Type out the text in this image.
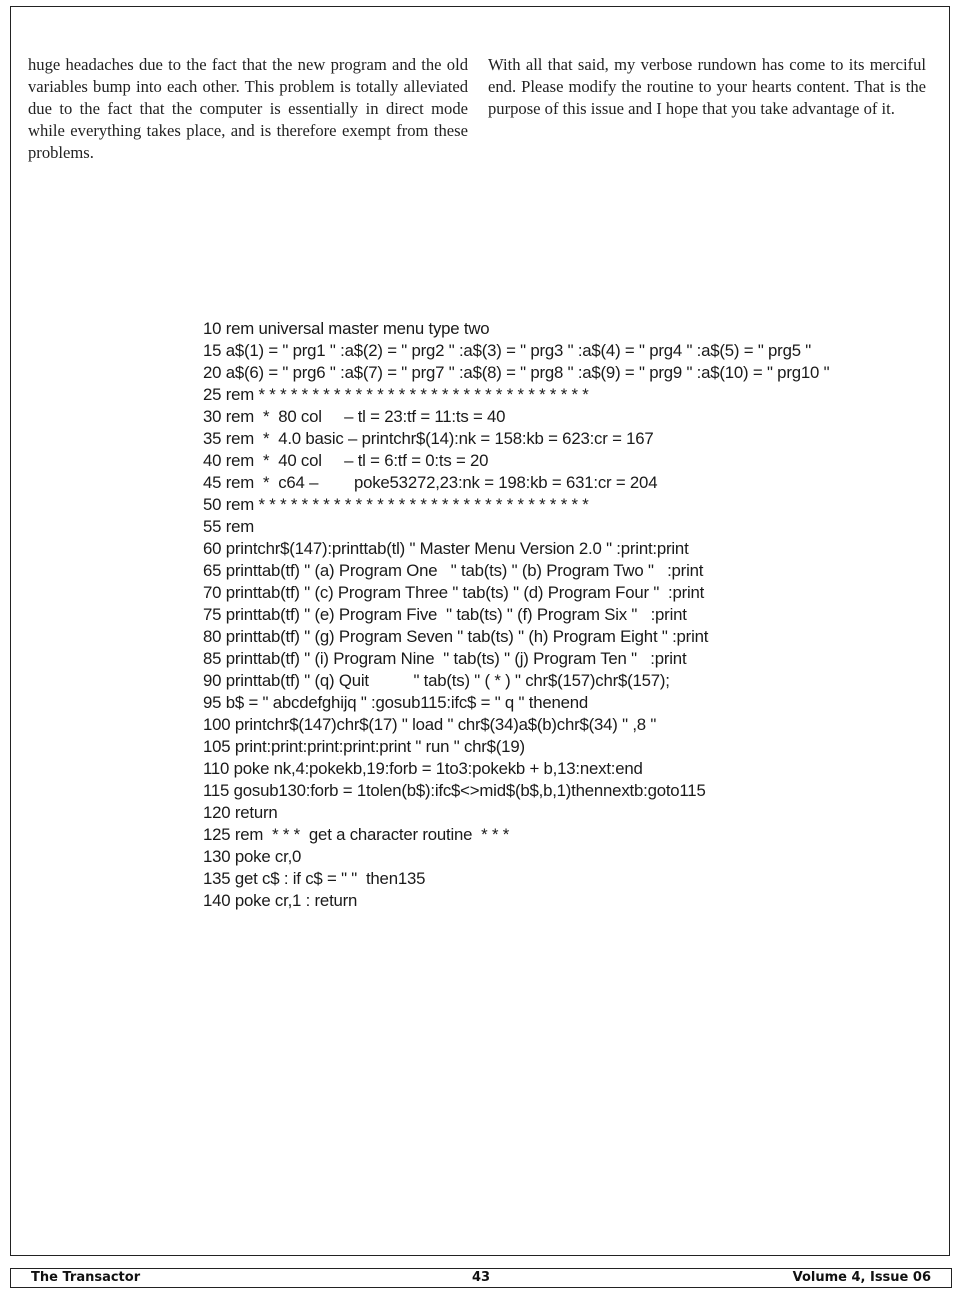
huge headaches due to the fact that the new program and the old variables bump into each other. This problem is totally alleviated due to the fact that the computer is essentially in direct mode while everything takes place, and is therefore exempt from these problems.
With all that said, my verbose rundown has come to its merciful end. Please modify the routine to your hearts content. That is the purpose of this issue and I hope that you take advantage of it.
10 rem universal master menu type two
15 a$(1) = " prg1 " :a$(2) = " prg2 " :a$(3) = " prg3 " :a$(4) = " prg4 " :a$(5) = " prg5 "
20 a$(6) = " prg6 " :a$(7) = " prg7 " :a$(8) = " prg8 " :a$(9) = " prg9 " :a$(10) = " prg10 "
25 rem * * * * * * * * * * * * * * * * * * * * * * * * * * * * * * *
30 rem  *  80 col     – tl = 23:tf = 11:ts = 40
35 rem  *  4.0 basic – printchr$(14):nk = 158:kb = 623:cr = 167
40 rem  *  40 col     – tl = 6:tf = 0:ts = 20
45 rem  *  c64 –        poke53272,23:nk = 198:kb = 631:cr = 204
50 rem * * * * * * * * * * * * * * * * * * * * * * * * * * * * * * *
55 rem
60 printchr$(147):printtab(tl) " Master Menu Version 2.0 " :print:print
65 printtab(tf) " (a) Program One   " tab(ts) " (b) Program Two "   :print
70 printtab(tf) " (c) Program Three " tab(ts) " (d) Program Four "  :print
75 printtab(tf) " (e) Program Five  " tab(ts) " (f) Program Six "   :print
80 printtab(tf) " (g) Program Seven " tab(ts) " (h) Program Eight " :print
85 printtab(tf) " (i) Program Nine  " tab(ts) " (j) Program Ten "   :print
90 printtab(tf) " (q) Quit          " tab(ts) " ( * ) " chr$(157)chr$(157);
95 b$ = " abcdefghijq " :gosub115:ifc$ = " q " thenend
100 printchr$(147)chr$(17) " load " chr$(34)a$(b)chr$(34) " ,8 "
105 print:print:print:print:print " run " chr$(19)
110 poke nk,4:pokekb,19:forb = 1to3:pokekb + b,13:next:end
115 gosub130:forb = 1tolen(b$):ifc$<>mid$(b$,b,1)thennextb:goto115
120 return
125 rem  * * *  get a character routine  * * *
130 poke cr,0
135 get c$ : if c$ = " "  then135
140 poke cr,1 : return
The Transactor	43	Volume 4, Issue 06
